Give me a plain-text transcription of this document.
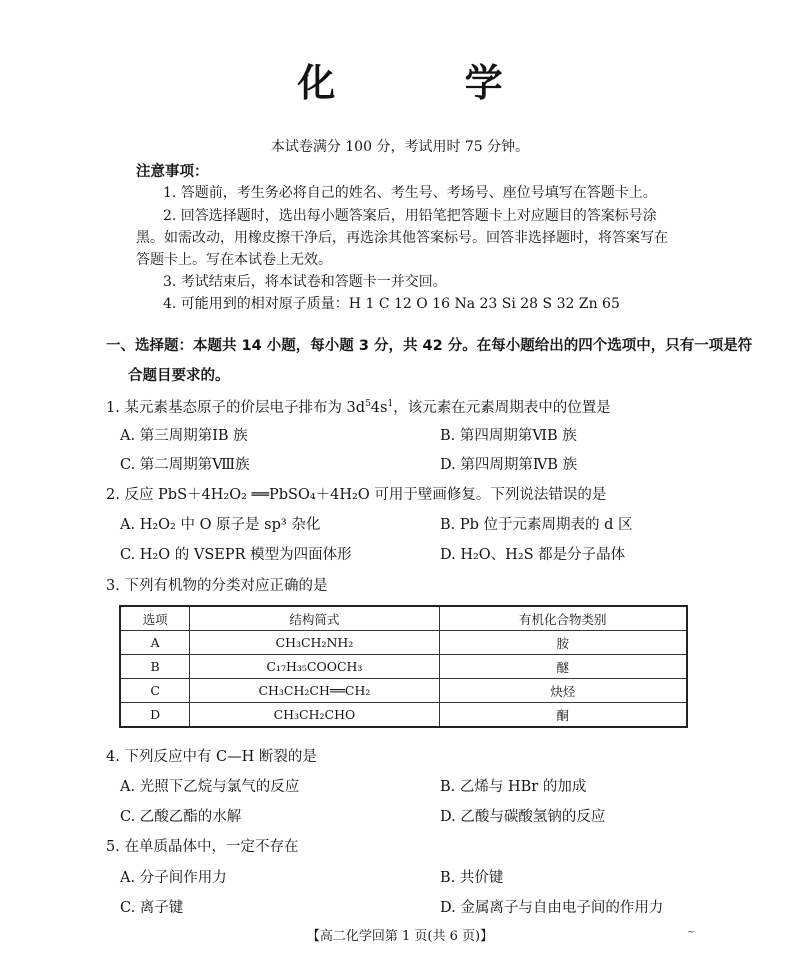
化 学
本试卷满分 100 分，考试用时 75 分钟。
注意事项：
1. 答题前，考生务必将自己的姓名、考生号、考场号、座位号填写在答题卡上。
2. 回答选择题时，选出每小题答案后，用铅笔把答题卡上对应题目的答案标号涂
黑。如需改动，用橡皮擦干净后，再选涂其他答案标号。回答非选择题时，将答案写在
答题卡上。写在本试卷上无效。
3. 考试结束后，将本试卷和答题卡一并交回。
4. 可能用到的相对原子质量：H 1 C 12 O 16 Na 23 Si 28 S 32 Zn 65
一、选择题：本题共 14 小题，每小题 3 分，共 42 分。在每小题给出的四个选项中，只有一项是符
合题目要求的。
1. 某元素基态原子的价层电子排布为 $3d^54s^1$，该元素在元素周期表中的位置是
A. 第三周期第ⅠB 族	B. 第四周期第ⅥB 族
C. 第二周期第Ⅷ族	D. 第四周期第ⅣB 族
2. 反应 PbS＋4H₂O₂ ══PbSO₄＋4H₂O 可用于壁画修复。下列说法错误的是
A. H₂O₂ 中 O 原子是 sp³ 杂化	B. Pb 位于元素周期表的 d 区
C. H₂O 的 VSEPR 模型为四面体形	D. H₂O、H₂S 都是分子晶体
3. 下列有机物的分类对应正确的是
选项	结构简式	有机化合物类别
A	CH₃CH₂NH₂	胺
B	C₁₇H₃₅COOCH₃	醚
C	CH₃CH₂CH══CH₂	炔烃
D	CH₃CH₂CHO	酮
4. 下列反应中有 C—H 断裂的是
A. 光照下乙烷与氯气的反应	B. 乙烯与 HBr 的加成
C. 乙酸乙酯的水解	D. 乙酸与碳酸氢钠的反应
5. 在单质晶体中，一定不存在
A. 分子间作用力	B. 共价键
C. 离子键	D. 金属离子与自由电子间的作用力
【高二化学回第 1 页(共 6 页)】	~
